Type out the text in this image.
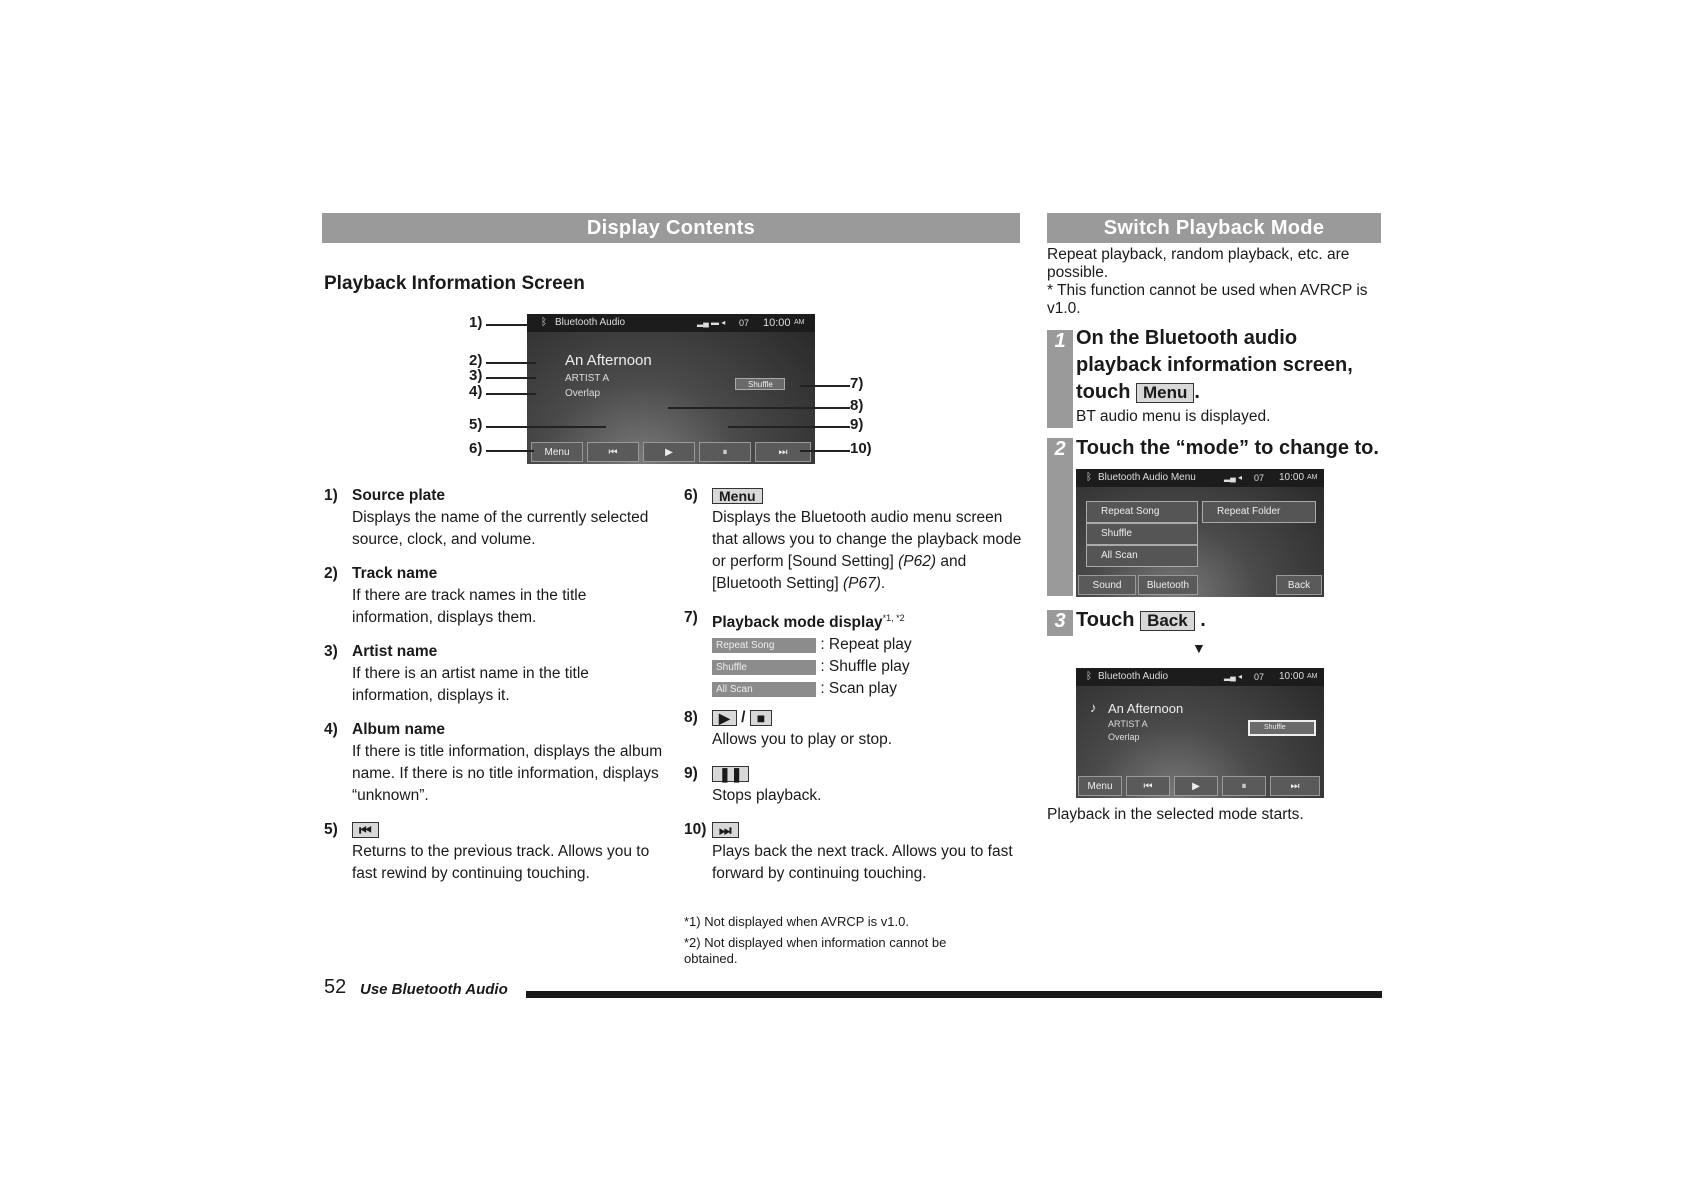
Display Contents
Playback Information Screen
ᛒ Bluetooth Audio	▂▄ ▬ ◂ 07 10:00 AM
An Afternoon
ARTIST A
Overlap
Shuffle
Menu	⏮	▶	⏸	⏭
1)
2)
3)
4)
5)
6)
7)
8)
9)
10)
1) Source plate
Displays the name of the currently selected source, clock, and volume.
2) Track name
If there are track names in the title information, displays them.
3) Artist name
If there is an artist name in the title information, displays it.
4) Album name
If there is title information, displays the album name. If there is no title information, displays “unknown”.
5)	⏮
Returns to the previous track. Allows you to fast rewind by continuing touching.
6)	Menu
Displays the Bluetooth audio menu screen that allows you to change the playback mode or perform [Sound Setting] (P62) and [Bluetooth Setting] (P67).
7) Playback mode display$^{*1, *2}$
Repeat Song	: Repeat play
Shuffle	: Shuffle play
All Scan	: Scan play
8)	▶ / ■
Allows you to play or stop.
9)	❚❚
Stops playback.
10) ⏭
Plays back the next track. Allows you to fast forward by continuing touching.
*1) Not displayed when AVRCP is v1.0.
*2) Not displayed when information cannot be obtained.
52 Use Bluetooth Audio
Switch Playback Mode
Repeat playback, random playback, etc. are possible.
* This function cannot be used when AVRCP is v1.0.
1 On the Bluetooth audio playback information screen, touch Menu .
BT audio menu is displayed.
2 Touch the “mode” to change to.
ᛒ Bluetooth Audio Menu	▂▄ ◂ 07 10:00 AM
Repeat Song	Repeat Folder
Shuffle
All Scan
Sound	Bluetooth	Back
3 Touch Back .
▼
ᛒ Bluetooth Audio	▂▄ ◂ 07 10:00 AM
♪ An Afternoon
ARTIST A
Overlap
Shuffle
Menu	⏮	▶	⏸	⏭
Playback in the selected mode starts.
